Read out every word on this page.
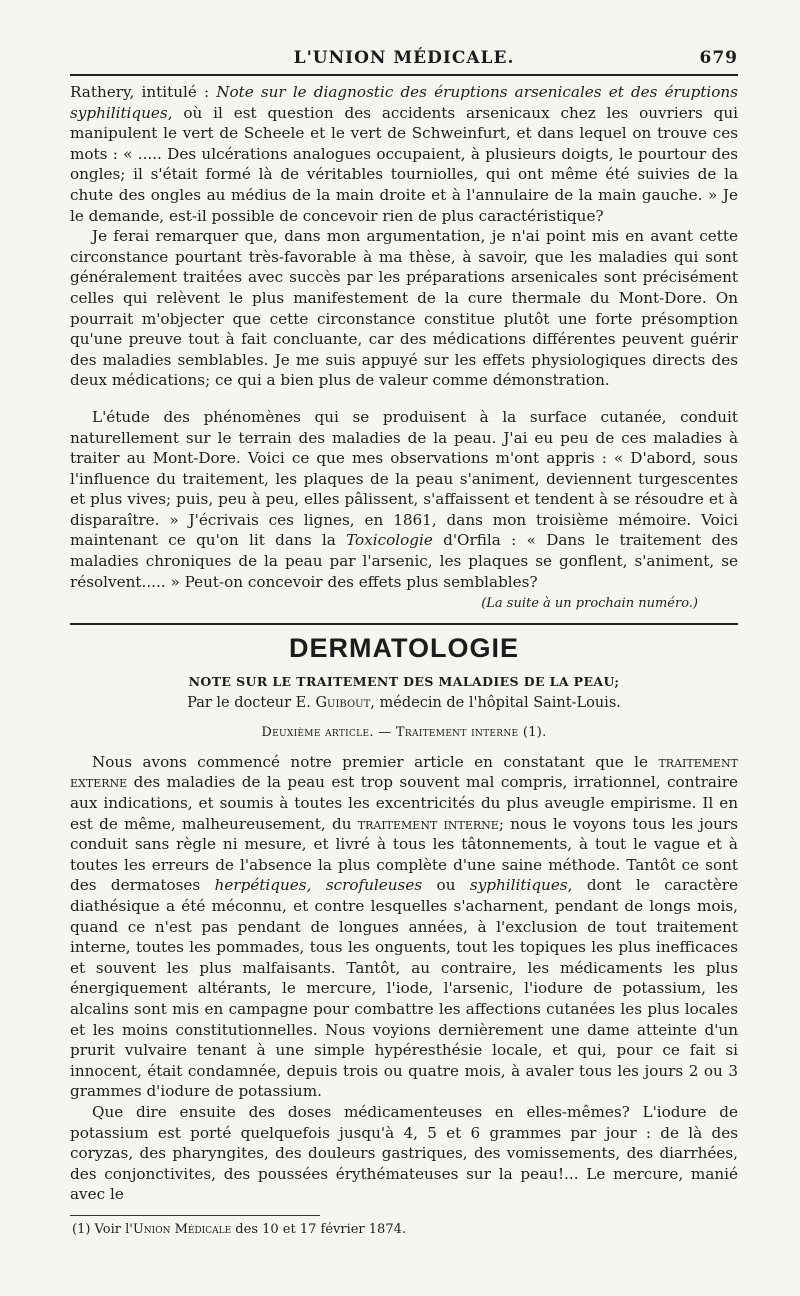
L'UNION MÉDICALE.	679

Rathery, intitulé : Note sur le diagnostic des éruptions arsenicales et des éruptions syphilitiques, où il est question des accidents arsenicaux chez les ouvriers qui manipulent le vert de Scheele et le vert de Schweinfurt, et dans lequel on trouve ces mots : « ..... Des ulcérations analogues occupaient, à plusieurs doigts, le pourtour des ongles; il s'était formé là de véritables tourniolles, qui ont même été suivies de la chute des ongles au médius de la main droite et à l'annulaire de la main gauche. » Je le demande, est-il possible de concevoir rien de plus caractéristique?

Je ferai remarquer que, dans mon argumentation, je n'ai point mis en avant cette circonstance pourtant très-favorable à ma thèse, à savoir, que les maladies qui sont généralement traitées avec succès par les préparations arsenicales sont précisément celles qui relèvent le plus manifestement de la cure thermale du Mont-Dore. On pourrait m'objecter que cette circonstance constitue plutôt une forte présomption qu'une preuve tout à fait concluante, car des médications différentes peuvent guérir des maladies semblables. Je me suis appuyé sur les effets physiologiques directs des deux médications; ce qui a bien plus de valeur comme démonstration.

L'étude des phénomènes qui se produisent à la surface cutanée, conduit naturellement sur le terrain des maladies de la peau. J'ai eu peu de ces maladies à traiter au Mont-Dore. Voici ce que mes observations m'ont appris : « D'abord, sous l'influence du traitement, les plaques de la peau s'animent, deviennent turgescentes et plus vives; puis, peu à peu, elles pâlissent, s'affaissent et tendent à se résoudre et à disparaître. » J'écrivais ces lignes, en 1861, dans mon troisième mémoire. Voici maintenant ce qu'on lit dans la Toxicologie d'Orfila : « Dans le traitement des maladies chroniques de la peau par l'arsenic, les plaques se gonflent, s'animent, se résolvent..... » Peut-on concevoir des effets plus semblables?

(La suite à un prochain numéro.)
DERMATOLOGIE
NOTE SUR LE TRAITEMENT DES MALADIES DE LA PEAU;
Par le docteur E. Guibout, médecin de l'hôpital Saint-Louis.
Deuxième article. — Traitement interne (1).

Nous avons commencé notre premier article en constatant que le traitement externe des maladies de la peau est trop souvent mal compris, irrationnel, contraire aux indications, et soumis à toutes les excentricités du plus aveugle empirisme. Il en est de même, malheureusement, du traitement interne; nous le voyons tous les jours conduit sans règle ni mesure, et livré à tous les tâtonnements, à tout le vague et à toutes les erreurs de l'absence la plus complète d'une saine méthode. Tantôt ce sont des dermatoses herpétiques, scrofuleuses ou syphilitiques, dont le caractère diathésique a été méconnu, et contre lesquelles s'acharnent, pendant de longs mois, quand ce n'est pas pendant de longues années, à l'exclusion de tout traitement interne, toutes les pommades, tous les onguents, tout les topiques les plus inefficaces et souvent les plus malfaisants. Tantôt, au contraire, les médicaments les plus énergiquement altérants, le mercure, l'iode, l'arsenic, l'iodure de potassium, les alcalins sont mis en campagne pour combattre les affections cutanées les plus locales et les moins constitutionnelles. Nous voyions dernièrement une dame atteinte d'un prurit vulvaire tenant à une simple hypéresthésie locale, et qui, pour ce fait si innocent, était condamnée, depuis trois ou quatre mois, à avaler tous les jours 2 ou 3 grammes d'iodure de potassium.

Que dire ensuite des doses médicamenteuses en elles-mêmes? L'iodure de potassium est porté quelquefois jusqu'à 4, 5 et 6 grammes par jour : de là des coryzas, des pharyngites, des douleurs gastriques, des vomissements, des diarrhées, des conjonctivites, des poussées érythémateuses sur la peau!... Le mercure, manié avec le

(1) Voir l'Union Médicale des 10 et 17 février 1874.
